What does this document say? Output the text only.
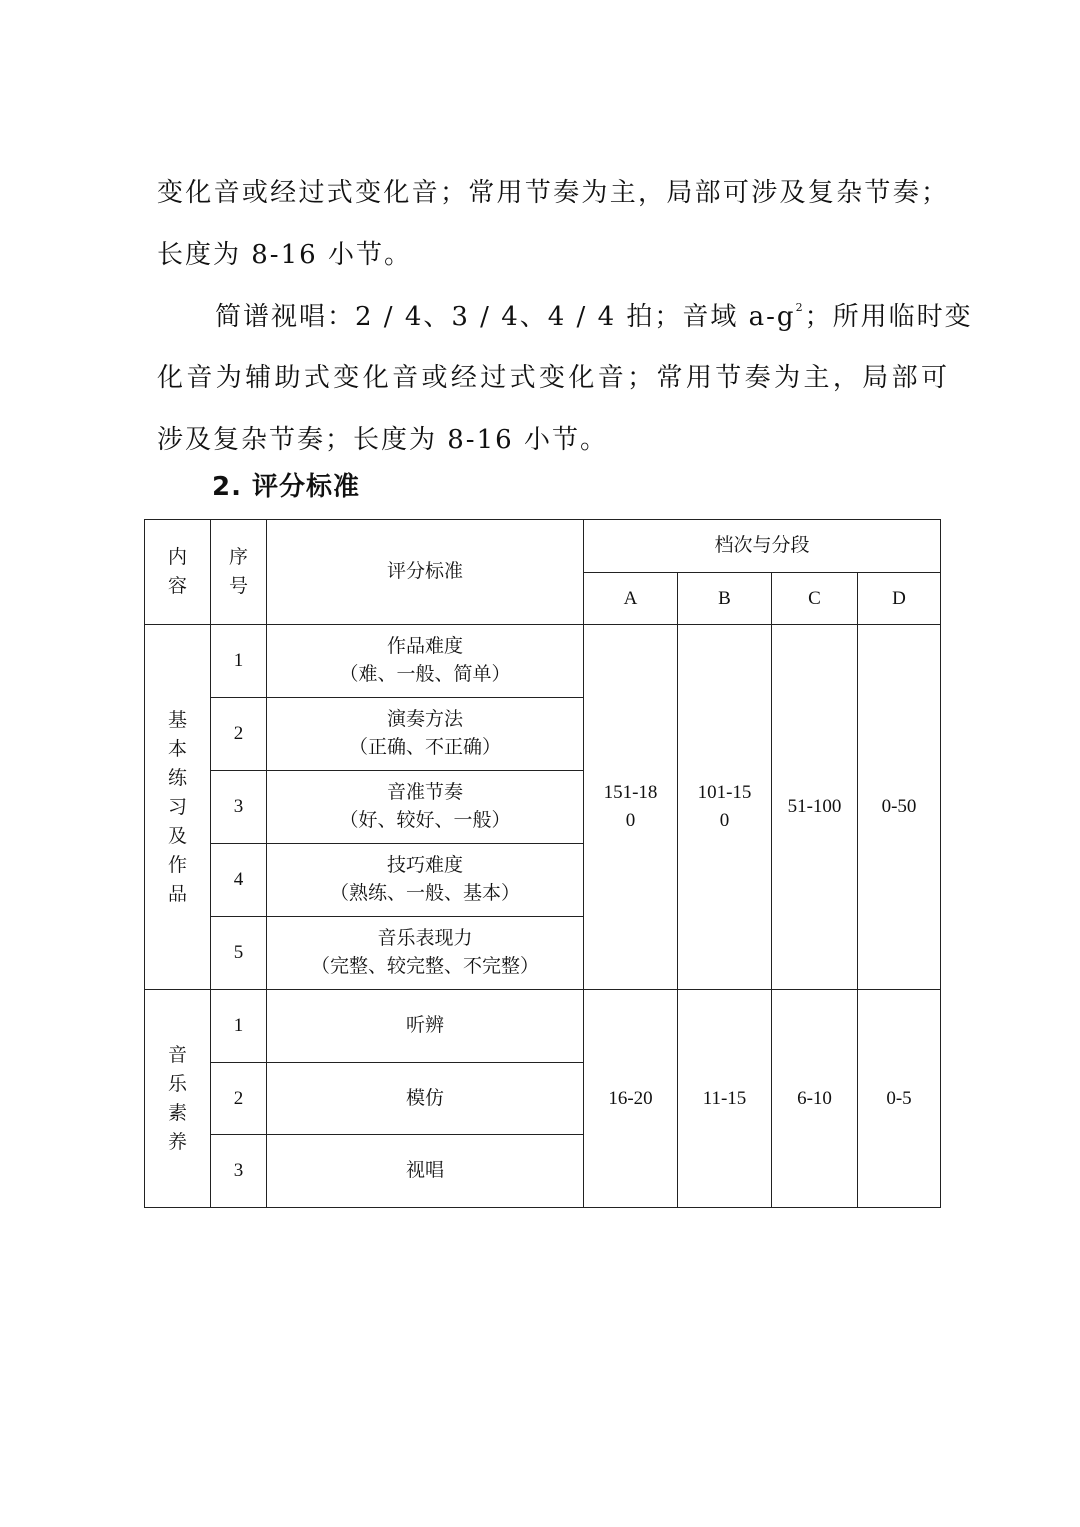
变化音或经过式变化音；常用节奏为主，局部可涉及复杂节奏；
长度为 8-16 小节。
简谱视唱：2 / 4、3 / 4、4 / 4 拍；音域 $a-g^2$ ；所用临时变
化音为辅助式变化音或经过式变化音；常用节奏为主，局部可
涉及复杂节奏；长度为 8-16 小节。
2. 评分标准
内容	序号	评分标准	档次与分段			
			A	B	C	D

基本练习及作品	1	作品难度
（难、一般、简单）	151-180	101-150	51-100	0-50
	2	演奏方法
（正确、不正确）				

	3	音准节奏
（好、较好、一般）				

	4	技巧难度
（熟练、一般、基本）				

	5	音乐表现力
（完整、较完整、不完整）				

音乐素养	1	听辨	16-20	11-15	6-10	0-5
	2	模仿				
	3	视唱				
